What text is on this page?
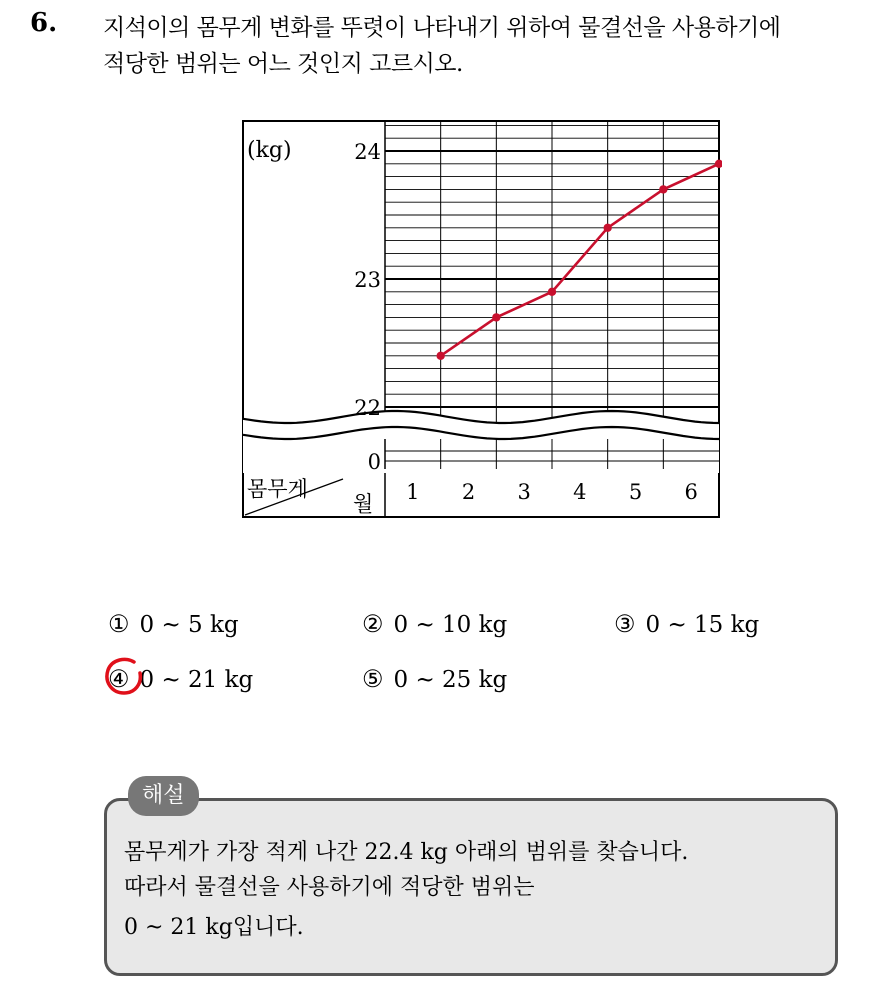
6. 지석이의 몸무게 변화를 뚜렷이 나타내기 위하여 물결선을 사용하기에
적당한 범위는 어느 것인지 고르시오.
(kg)	24
23
22
0
몸무게
월 1 2 3 4 5 6
① 0 ~ 5 kg	② 0 ~ 10 kg	③ 0 ~ 15 kg
④ 0 ~ 21 kg	⑤ 0 ~ 25 kg
해설
몸무게가 가장 적게 나간 22.4 kg 아래의 범위를 찾습니다.
따라서 물결선을 사용하기에 적당한 범위는
0 ~ 21 kg입니다.
